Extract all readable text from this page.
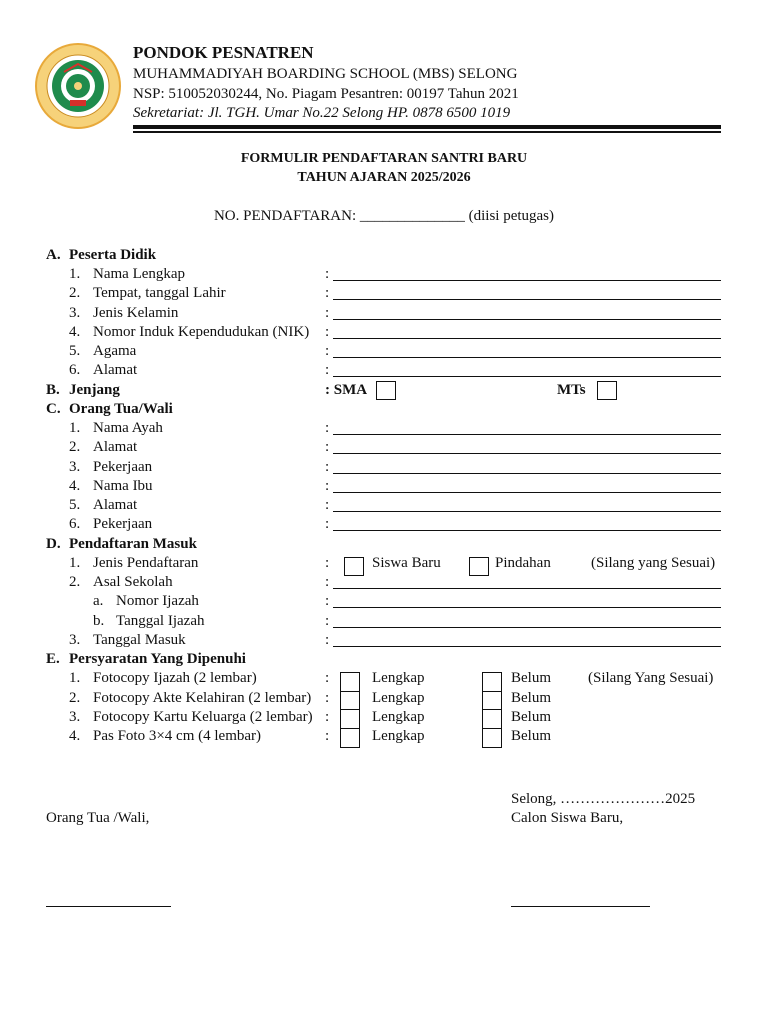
PONDOK PESNATREN
MUHAMMADIYAH BOARDING SCHOOL (MBS) SELONG
NSP: 510052030244, No. Piagam Pesantren: 00197 Tahun 2021
Sekretariat: Jl. TGH. Umar No.22 Selong HP. 0878 6500 1019
FORMULIR PENDAFTARAN SANTRI BARU
TAHUN AJARAN 2025/2026
NO. PENDAFTARAN: ______________ (diisi petugas)
A. Peserta Didik
1. Nama Lengkap	:
2. Tempat, tanggal Lahir	:
3. Jenis Kelamin	:
4. Nomor Induk Kependudukan (NIK) :
5. Agama	:
6. Alamat	:
B. Jenjang	: SMA	MTs
C. Orang Tua/Wali
1. Nama Ayah	:
2. Alamat	:
3. Pekerjaan	:
4. Nama Ibu	:
5. Alamat	:
6. Pekerjaan	:
D. Pendaftaran Masuk
1. Jenis Pendaftaran	:	Siswa Baru	Pindahan	(Silang yang Sesuai)
2. Asal Sekolah	:
a. Nomor Ijazah	:
b. Tanggal Ijazah	:
3. Tanggal Masuk	:
E. Persyaratan Yang Dipenuhi
1. Fotocopy Ijazah (2 lembar)	:	Lengkap	Belum (Silang Yang Sesuai)
2. Fotocopy Akte Kelahiran (2 lembar) :	Lengkap	Belum
3. Fotocopy Kartu Keluarga (2 lembar) :	Lengkap	Belum
4. Pas Foto 3×4 cm (4 lembar)	:	Lengkap	Belum
Selong, …………………2025
Orang Tua /Wali,	Calon Siswa Baru,
